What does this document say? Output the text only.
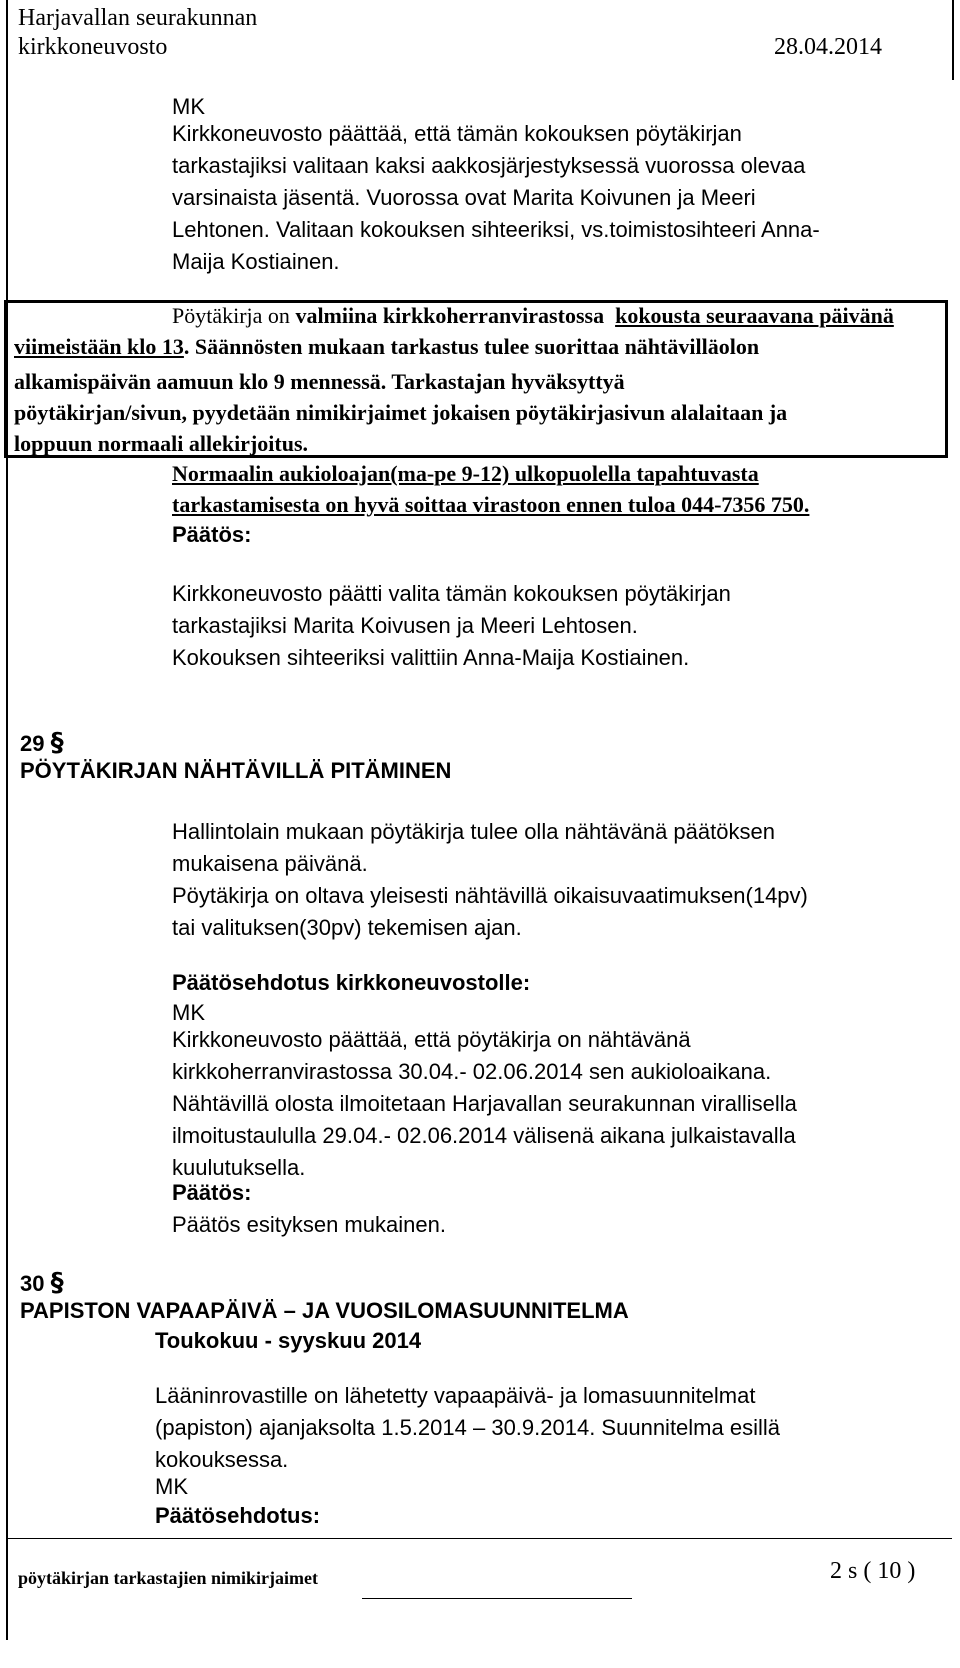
Harjavallan seurakunnan
kirkkoneuvosto	28.04.2014
MK
Kirkkoneuvosto päättää, että tämän kokouksen pöytäkirjan
tarkastajiksi valitaan kaksi aakkosjärjestyksessä vuorossa olevaa
varsinaista jäsentä. Vuorossa ovat Marita Koivunen ja Meeri
Lehtonen. Valitaan kokouksen sihteeriksi, vs.toimistosihteeri Anna-
Maija Kostiainen.
Pöytäkirja on valmiina kirkkoherranvirastossa kokousta seuraavana päivänä
viimeistään klo 13. Säännösten mukaan tarkastus tulee suorittaa nähtävilläolon
alkamispäivän aamuun klo 9 mennessä. Tarkastajan hyväksyttyä
pöytäkirjan/sivun, pyydetään nimikirjaimet jokaisen pöytäkirjasivun alalaitaan ja
loppuun normaali allekirjoitus.
Normaalin aukioloajan(ma-pe 9-12) ulkopuolella tapahtuvasta
tarkastamisesta on hyvä soittaa virastoon ennen tuloa 044-7356 750.
Päätös:
Kirkkoneuvosto päätti valita tämän kokouksen pöytäkirjan
tarkastajiksi Marita Koivusen ja Meeri Lehtosen.
Kokouksen sihteeriksi valittiin Anna-Maija Kostiainen.
29 §
PÖYTÄKIRJAN NÄHTÄVILLÄ PITÄMINEN
Hallintolain mukaan pöytäkirja tulee olla nähtävänä päätöksen
mukaisena päivänä.
Pöytäkirja on oltava yleisesti nähtävillä oikaisuvaatimuksen(14pv)
tai valituksen(30pv) tekemisen ajan.
Päätösehdotus kirkkoneuvostolle:
MK
Kirkkoneuvosto päättää, että pöytäkirja on nähtävänä
kirkkoherranvirastossa 30.04.- 02.06.2014 sen aukioloaikana.
Nähtävillä olosta ilmoitetaan Harjavallan seurakunnan virallisella
ilmoitustaululla 29.04.- 02.06.2014 välisenä aikana julkaistavalla
kuulutuksella.
Päätös:
Päätös esityksen mukainen.
30 §
PAPISTON VAPAAPÄIVÄ – JA VUOSILOMASUUNNITELMA
Toukokuu - syyskuu 2014
Lääninrovastille on lähetetty vapaapäivä- ja lomasuunnitelmat
(papiston) ajanjaksolta 1.5.2014 – 30.9.2014. Suunnitelma esillä
kokouksessa.
MK
Päätösehdotus:
pöytäkirjan tarkastajien nimikirjaimet	2 s ( 10 )
